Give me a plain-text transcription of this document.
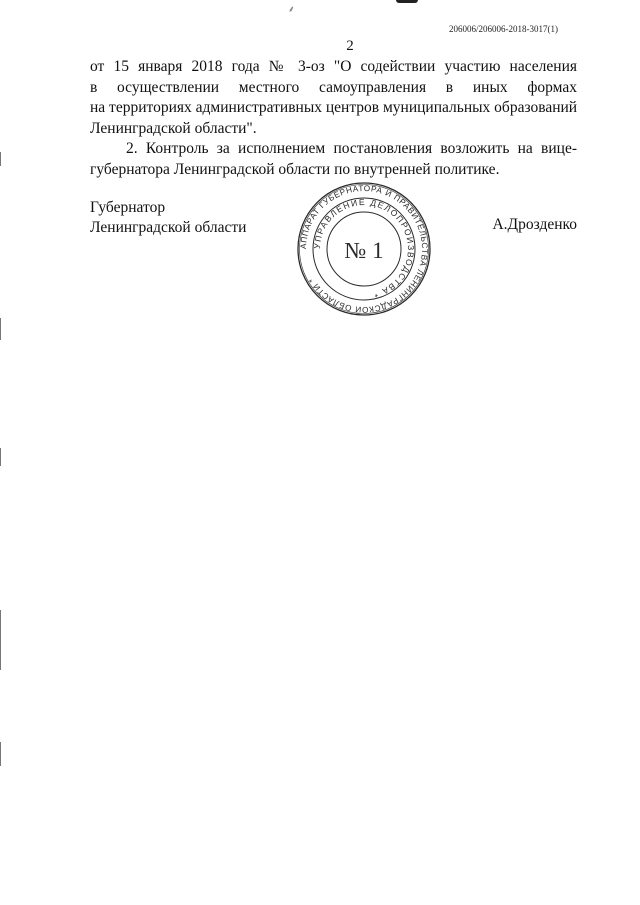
⸙
206006/206006-2018-3017(1)
2
от 15 января 2018 года № 3-оз "О содействии участию населения
в осуществлении местного самоуправления в иных формах
на территориях административных центров муниципальных образований
Ленинградской области".
2. Контроль за исполнением постановления возложить на вице-
губернатора Ленинградской области по внутренней политике.
Губернатор
Ленинградской области	А.Дрозденко
АППАРАТ ГУБЕРНАТОРА И ПРАВИТЕЛЬСТВА ЛЕНИНГРАДСКОЙ ОБЛАСТИ *
УПРАВЛЕНИЕ ДЕЛОПРОИЗВОДСТВА *
№ 1
